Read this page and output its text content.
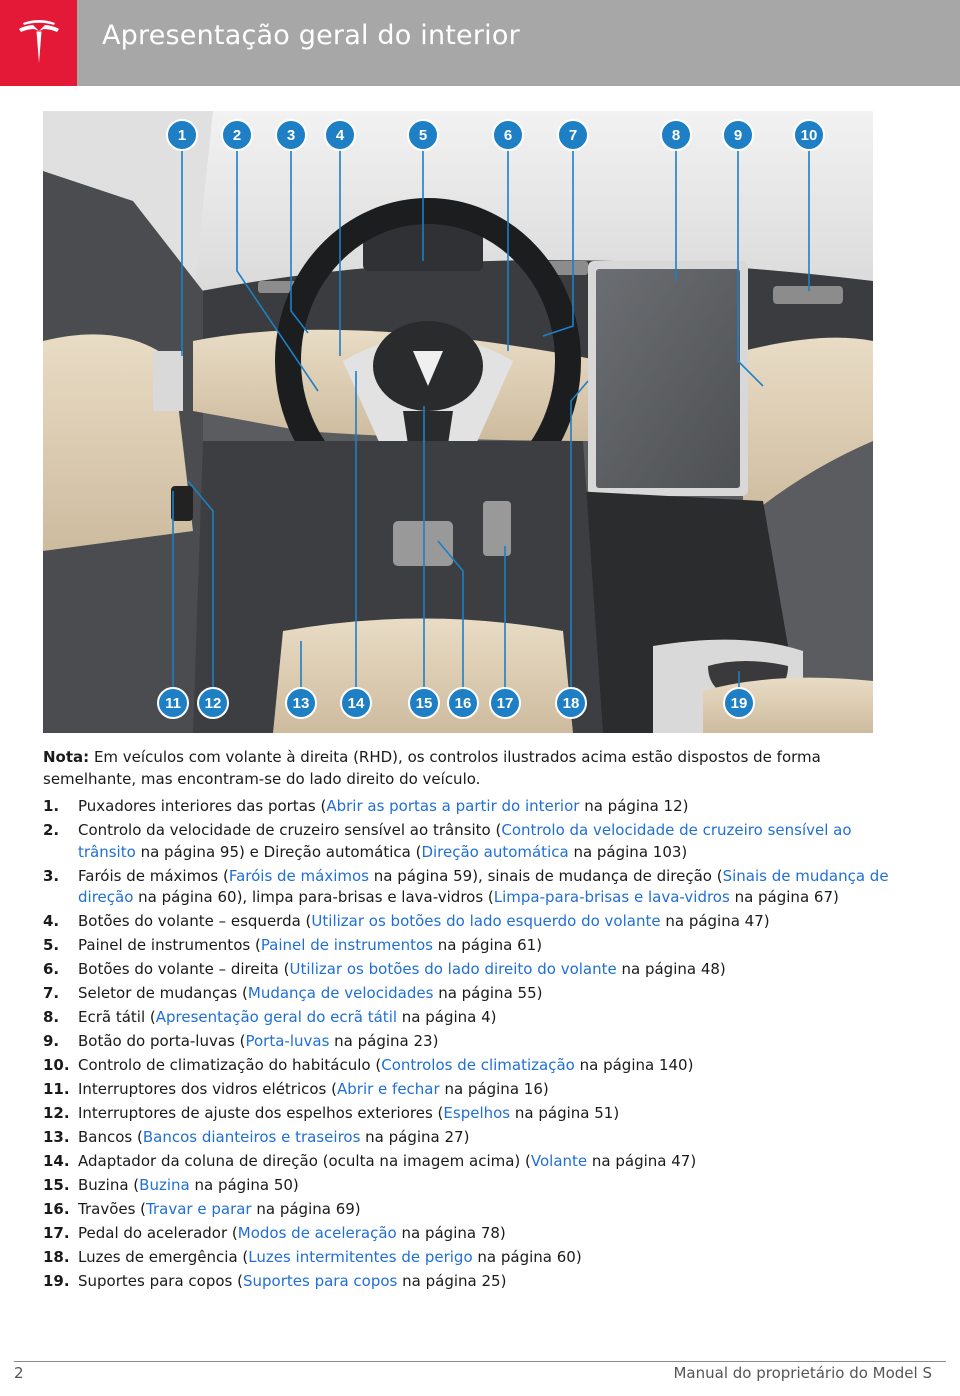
Apresentação geral do interior
1	2	3	4	5	6	7	8	9	10
11 12	13	14	15 16 17	18	19
Nota: Em veículos com volante à direita (RHD), os controlos ilustrados acima estão dispostos de forma semelhante, mas encontram-se do lado direito do veículo.
1.	Puxadores interiores das portas (Abrir as portas a partir do interior na página 12)
2.	Controlo da velocidade de cruzeiro sensível ao trânsito (Controlo da velocidade de cruzeiro sensível ao trânsito na página 95) e Direção automática (Direção automática na página 103)
3.	Faróis de máximos (Faróis de máximos na página 59), sinais de mudança de direção (Sinais de mudança de direção na página 60), limpa para-brisas e lava-vidros (Limpa-para-brisas e lava-vidros na página 67)
4.	Botões do volante – esquerda (Utilizar os botões do lado esquerdo do volante na página 47)
5.	Painel de instrumentos (Painel de instrumentos na página 61)
6.	Botões do volante – direita (Utilizar os botões do lado direito do volante na página 48)
7.	Seletor de mudanças (Mudança de velocidades na página 55)
8.	Ecrã tátil (Apresentação geral do ecrã tátil na página 4)
9.	Botão do porta-luvas (Porta-luvas na página 23)
10. Controlo de climatização do habitáculo (Controlos de climatização na página 140)
11. Interruptores dos vidros elétricos (Abrir e fechar na página 16)
12. Interruptores de ajuste dos espelhos exteriores (Espelhos na página 51)
13. Bancos (Bancos dianteiros e traseiros na página 27)
14. Adaptador da coluna de direção (oculta na imagem acima) (Volante na página 47)
15. Buzina (Buzina na página 50)
16. Travões (Travar e parar na página 69)
17. Pedal do acelerador (Modos de aceleração na página 78)
18. Luzes de emergência (Luzes intermitentes de perigo na página 60)
19. Suportes para copos (Suportes para copos na página 25)
2	Manual do proprietário do Model S
